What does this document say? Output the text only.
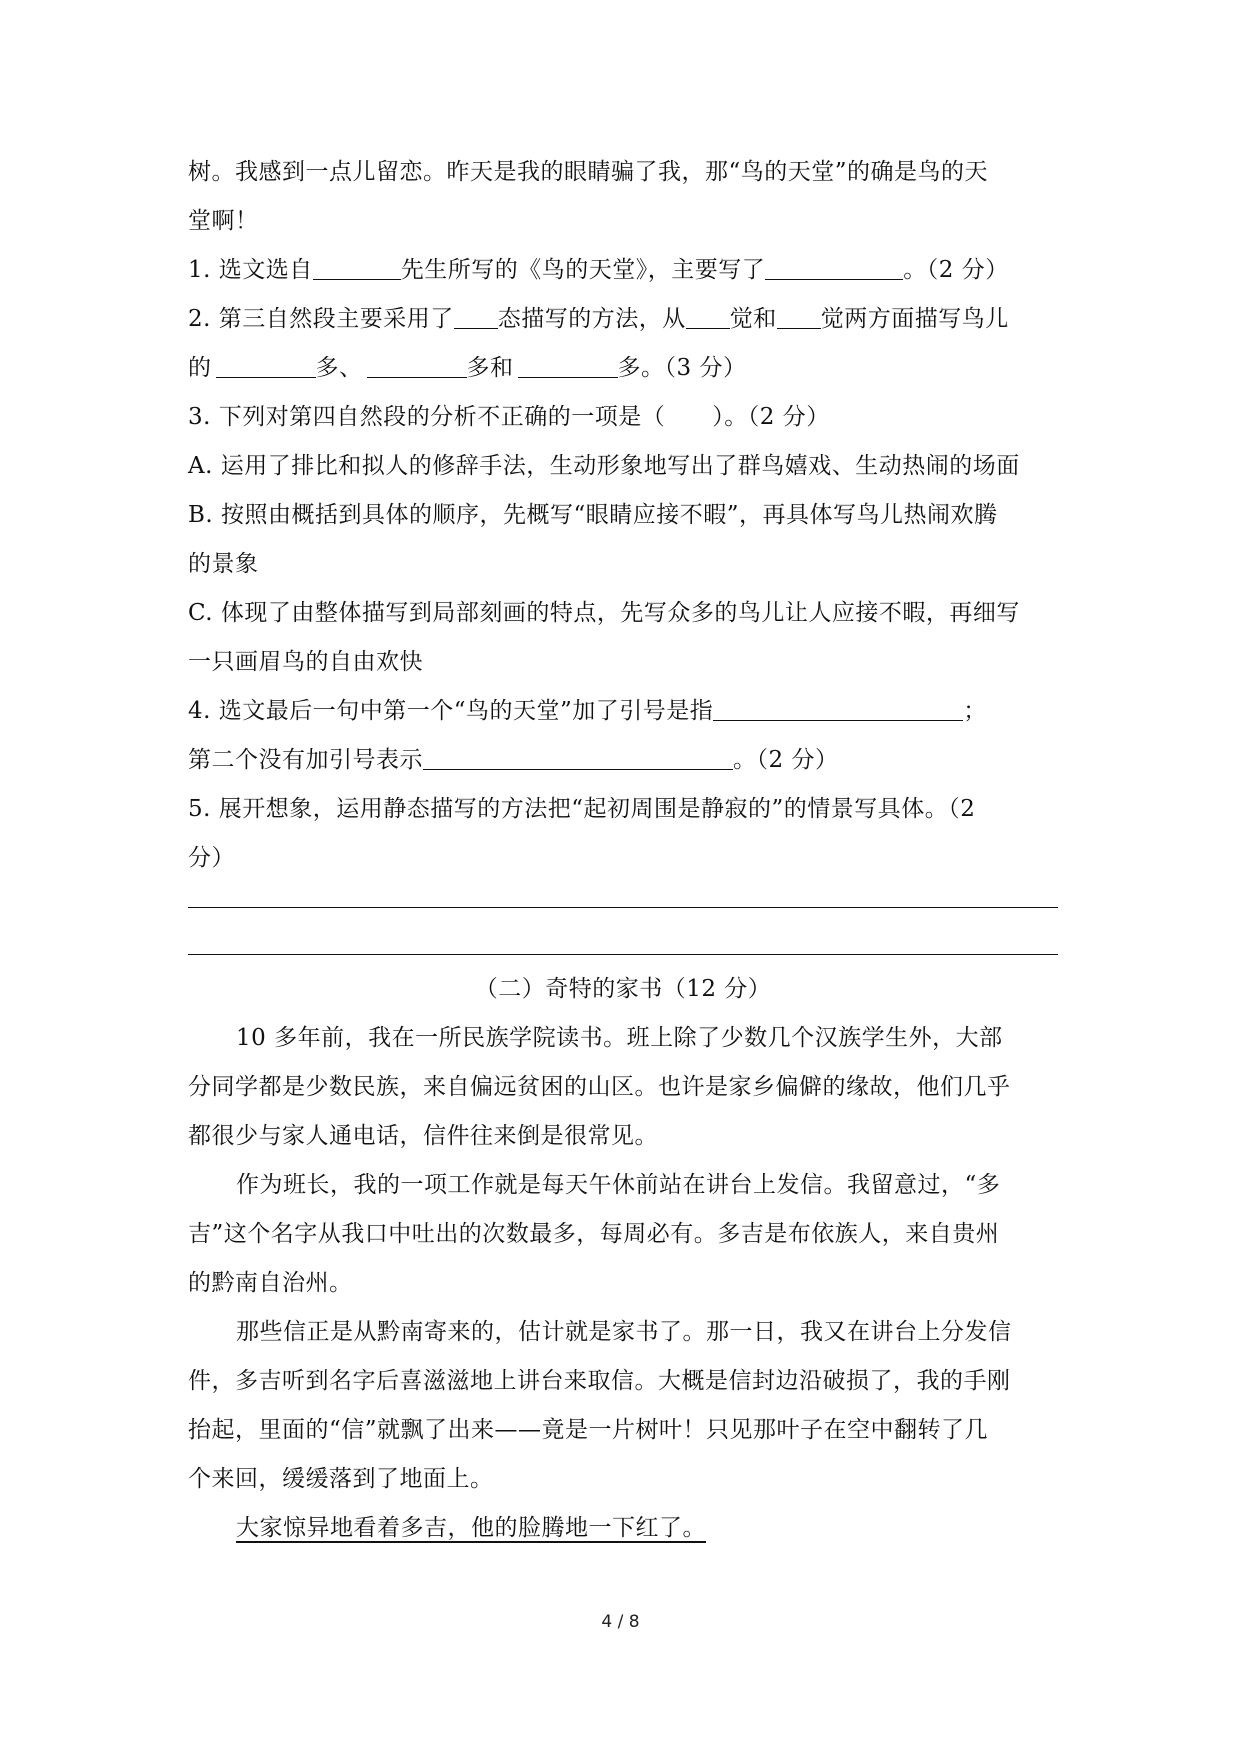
树。我感到一点儿留恋。昨天是我的眼睛骗了我，那“鸟的天堂”的确是鸟的天
堂啊！
1. 选文选自	先生所写的《鸟的天堂》，主要写了	。（2 分）
2. 第三自然段主要采用了 态描写的方法，从 觉和 觉两方面描写鸟儿
的	多、	多和	多。（3 分）
3. 下列对第四自然段的分析不正确的一项是（　　）。（2 分）
A. 运用了排比和拟人的修辞手法，生动形象地写出了群鸟嬉戏、生动热闹的场面
B. 按照由概括到具体的顺序，先概写“眼睛应接不暇”，再具体写鸟儿热闹欢腾
的景象
C. 体现了由整体描写到局部刻画的特点，先写众多的鸟儿让人应接不暇，再细写
一只画眉鸟的自由欢快
4. 选文最后一句中第一个“鸟的天堂”加了引号是指	；
第二个没有加引号表示	。（2 分）
5. 展开想象，运用静态描写的方法把“起初周围是静寂的”的情景写具体。（2
分）
（二）奇特的家书（12 分）
10 多年前，我在一所民族学院读书。班上除了少数几个汉族学生外，大部
分同学都是少数民族，来自偏远贫困的山区。也许是家乡偏僻的缘故，他们几乎
都很少与家人通电话，信件往来倒是很常见。
作为班长，我的一项工作就是每天午休前站在讲台上发信。我留意过，“多
吉”这个名字从我口中吐出的次数最多，每周必有。多吉是布依族人，来自贵州
的黔南自治州。
那些信正是从黔南寄来的，估计就是家书了。那一日，我又在讲台上分发信
件，多吉听到名字后喜滋滋地上讲台来取信。大概是信封边沿破损了，我的手刚
抬起，里面的“信”就飘了出来——竟是一片树叶！只见那叶子在空中翻转了几
个来回，缓缓落到了地面上。
大家惊异地看着多吉，他的脸腾地一下红了。
4 / 8
